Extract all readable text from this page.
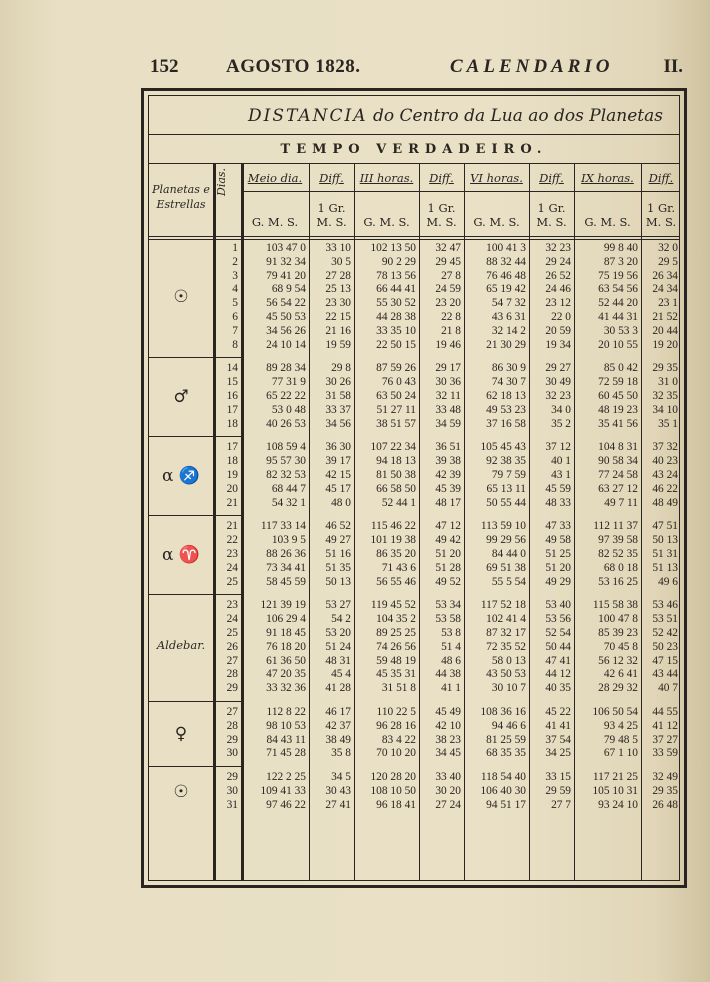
152	AGOSTO 1828.	CALENDARIO	II.
DISTANCIA do Centro da Lua ao dos Planetas
TEMPO VERDADEIRO.
Planetas e Estrellas
Dias.	Meio dia.	Diff.
1 Gr.
G. M. S.	M. S.
III horas.	Diff.
1 Gr.
G. M. S.	M. S.
VI horas.	Diff.
1 Gr.
G. M. S.	M. S.
IX horas.	Diff.
1 Gr.
G. M. S.	M. S.
1	103 47 0	33 10	102 13 50	32 47	100 41 3	32 23	99 8 40	32 0
2	91 32 34	30 5	90 2 29	29 45	88 32 44	29 24	87 3 20	29 5
3	79 41 20	27 28	78 13 56	27 8	76 46 48	26 52	75 19 56	26 34
4	68 9 54	25 13	66 44 41	24 59	65 19 42	24 46	63 54 56	24 34
5	56 54 22	23 30	55 30 52	23 20	54 7 32	23 12	52 44 20	23 1
6	45 50 53	22 15	44 28 38	22 8	43 6 31	22 0	41 44 31	21 52
7	34 56 26	21 16	33 35 10	21 8	32 14 2	20 59	30 53 3	20 44
8	24 10 14	19 59	22 50 15	19 46	21 30 29	19 34	20 10 55	19 20
☉
14	89 28 34	29 8	87 59 26	29 17	86 30 9	29 27	85 0 42	29 35
15	77 31 9	30 26	76 0 43	30 36	74 30 7	30 49	72 59 18	31 0
16	65 22 22	31 58	63 50 24	32 11	62 18 13	32 23	60 45 50	32 35
17	53 0 48	33 37	51 27 11	33 48	49 53 23	34 0	48 19 23	34 10
18	40 26 53	34 56	38 51 57	34 59	37 16 58	35 2	35 41 56	35 1
♂
17	108 59 4	36 30	107 22 34	36 51	105 45 43	37 12	104 8 31	37 32
18	95 57 30	39 17	94 18 13	39 38	92 38 35	40 1	90 58 34	40 23
19	82 32 53	42 15	81 50 38	42 39	79 7 59	43 1	77 24 58	43 24
20	68 44 7	45 17	66 58 50	45 39	65 13 11	45 59	63 27 12	46 22
21	54 32 1	48 0	52 44 1	48 17	50 55 44	48 33	49 7 11	48 49
α ♐
21	117 33 14	46 52	115 46 22	47 12	113 59 10	47 33	112 11 37	47 51
22	103 9 5	49 27	101 19 38	49 42	99 29 56	49 58	97 39 58	50 13
23	88 26 36	51 16	86 35 20	51 20	84 44 0	51 25	82 52 35	51 31
24	73 34 41	51 35	71 43 6	51 28	69 51 38	51 20	68 0 18	51 13
25	58 45 59	50 13	56 55 46	49 52	55 5 54	49 29	53 16 25	49 6
α ♈
23	121 39 19	53 27	119 45 52	53 34	117 52 18	53 40	115 58 38	53 46
24	106 29 4	54 2	104 35 2	53 58	102 41 4	53 56	100 47 8	53 51
25	91 18 45	53 20	89 25 25	53 8	87 32 17	52 54	85 39 23	52 42
26	76 18 20	51 24	74 26 56	51 4	72 35 52	50 44	70 45 8	50 23
27	61 36 50	48 31	59 48 19	48 6	58 0 13	47 41	56 12 32	47 15
28	47 20 35	45 4	45 35 31	44 38	43 50 53	44 12	42 6 41	43 44
29	33 32 36	41 28	31 51 8	41 1	30 10 7	40 35	28 29 32	40 7
Aldebar.
27	112 8 22	46 17	110 22 5	45 49	108 36 16	45 22	106 50 54	44 55
28	98 10 53	42 37	96 28 16	42 10	94 46 6	41 41	93 4 25	41 12
29	84 43 11	38 49	83 4 22	38 23	81 25 59	37 54	79 48 5	37 27
30	71 45 28	35 8	70 10 20	34 45	68 35 35	34 25	67 1 10	33 59
♀
29	122 2 25	34 5	120 28 20	33 40	118 54 40	33 15	117 21 25	32 49
30	109 41 33	30 43	108 10 50	30 20	106 40 30	29 59	105 10 31	29 35
31	97 46 22	27 41	96 18 41	27 24	94 51 17	27 7	93 24 10	26 48
☉
